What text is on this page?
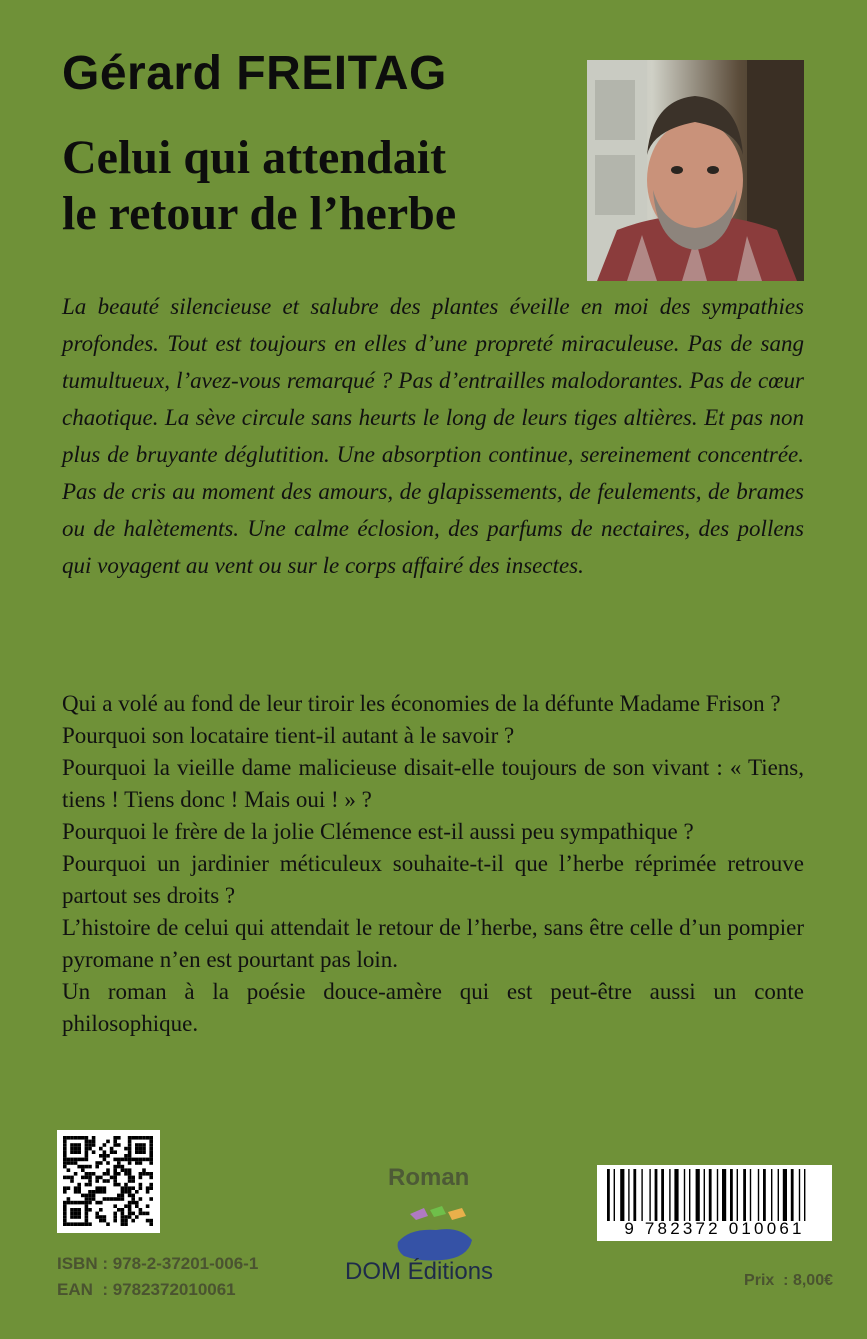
Gérard FREITAG
Celui qui attendait
le retour de l’herbe

La beauté silencieuse et salubre des plantes éveille en moi des sympathies profondes. Tout est toujours en elles d’une propreté miraculeuse. Pas de sang tumultueux, l’avez-vous remarqué ? Pas d’entrailles malodorantes. Pas de cœur chaotique. La sève circule sans heurts le long de leurs tiges altières. Et pas non plus de bruyante déglutition. Une absorption continue, sereinement concentrée. Pas de cris au moment des amours, de glapissements, de feulements, de brames ou de halètements. Une calme éclosion, des parfums de nectaires, des pollens qui voyagent au vent ou sur le corps affairé des insectes.

Qui a volé au fond de leur tiroir les économies de la défunte Madame Frison ?

Pourquoi son locataire tient-il autant à le savoir ?

Pourquoi la vieille dame malicieuse disait-elle toujours de son vivant : « Tiens, tiens ! Tiens donc ! Mais oui ! » ?

Pourquoi le frère de la jolie Clémence est-il aussi peu sympathique ?

Pourquoi un jardinier méticuleux souhaite-t-il que l’herbe réprimée retrouve partout ses droits ?

L’histoire de celui qui attendait le retour de l’herbe, sans être celle d’un pompier pyromane n’en est pourtant pas loin.

Un roman à la poésie douce-amère qui est peut-être aussi un conte philosophique.

ISBN : 978-2-37201-006-1
EAN  : 9782372010061
Roman
DOM Éditions
9 782372 010061
Prix  : 8,00€
